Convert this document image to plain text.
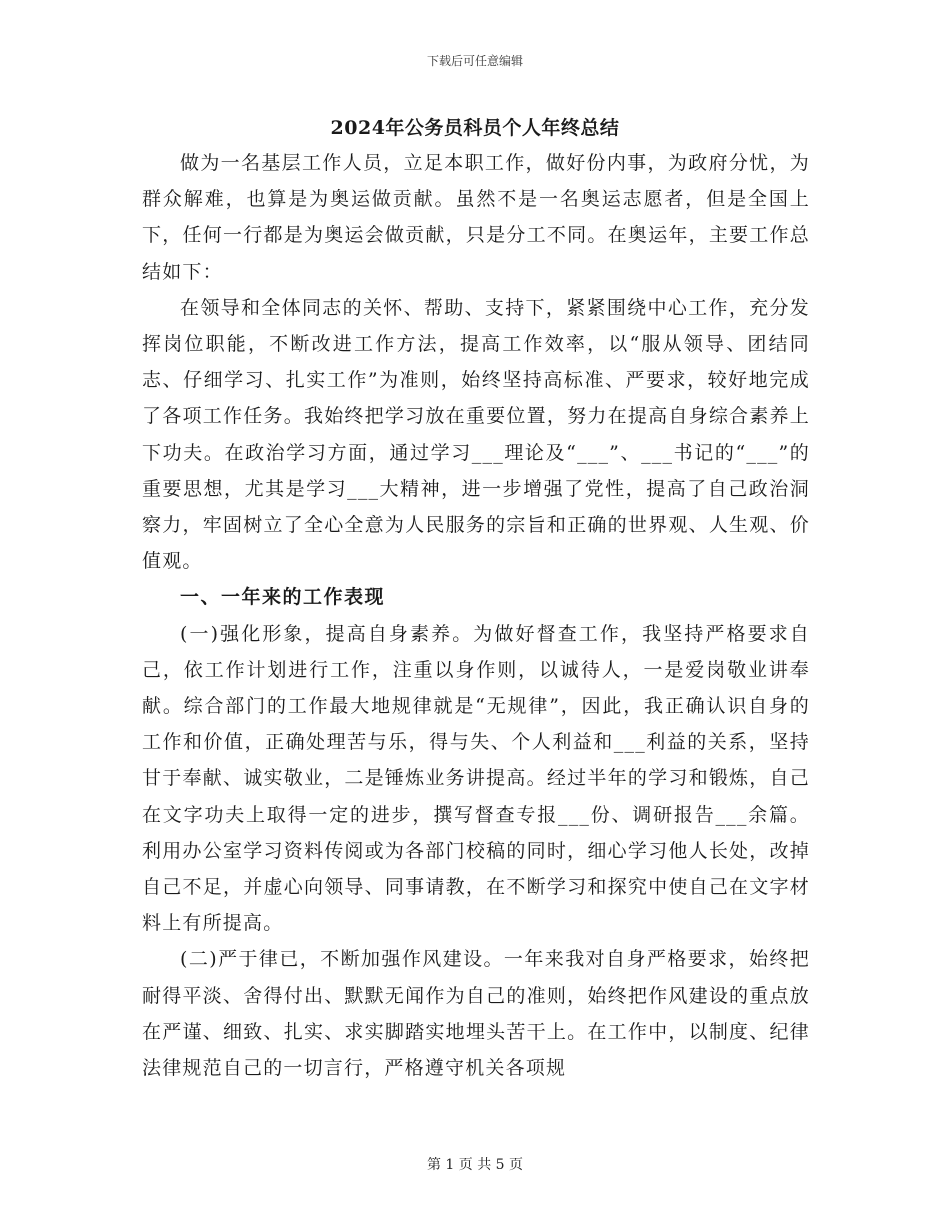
下载后可任意编辑
2024年公务员科员个人年终总结

做为一名基层工作人员，立足本职工作，做好份内事，为政府分忧，为群众解难，也算是为奥运做贡献。虽然不是一名奥运志愿者，但是全国上下，任何一行都是为奥运会做贡献，只是分工不同。在奥运年，主要工作总结如下：

在领导和全体同志的关怀、帮助、支持下，紧紧围绕中心工作，充分发挥岗位职能，不断改进工作方法，提高工作效率，以“服从领导、团结同志、仔细学习、扎实工作”为准则，始终坚持高标准、严要求，较好地完成了各项工作任务。我始终把学习放在重要位置，努力在提高自身综合素养上下功夫。在政治学习方面，通过学习___理论及“___”、___书记的“___”的重要思想，尤其是学习___大精神，进一步增强了党性，提高了自己政治洞察力，牢固树立了全心全意为人民服务的宗旨和正确的世界观、人生观、价值观。

一、一年来的工作表现

(一)强化形象，提高自身素养。为做好督查工作，我坚持严格要求自己，依工作计划进行工作，注重以身作则，以诚待人，一是爱岗敬业讲奉献。综合部门的工作最大地规律就是“无规律”，因此，我正确认识自身的工作和价值，正确处理苦与乐，得与失、个人利益和___利益的关系，坚持甘于奉献、诚实敬业，二是锤炼业务讲提高。经过半年的学习和锻炼，自己在文字功夫上取得一定的进步，撰写督查专报___份、调研报告___余篇。利用办公室学习资料传阅或为各部门校稿的同时，细心学习他人长处，改掉自己不足，并虚心向领导、同事请教，在不断学习和探究中使自己在文字材料上有所提高。

(二)严于律已，不断加强作风建设。一年来我对自身严格要求，始终把耐得平淡、舍得付出、默默无闻作为自己的准则，始终把作风建设的重点放在严谨、细致、扎实、求实脚踏实地埋头苦干上。在工作中，以制度、纪律法律规范自己的一切言行，严格遵守机关各项规

第 1 页 共 5 页
